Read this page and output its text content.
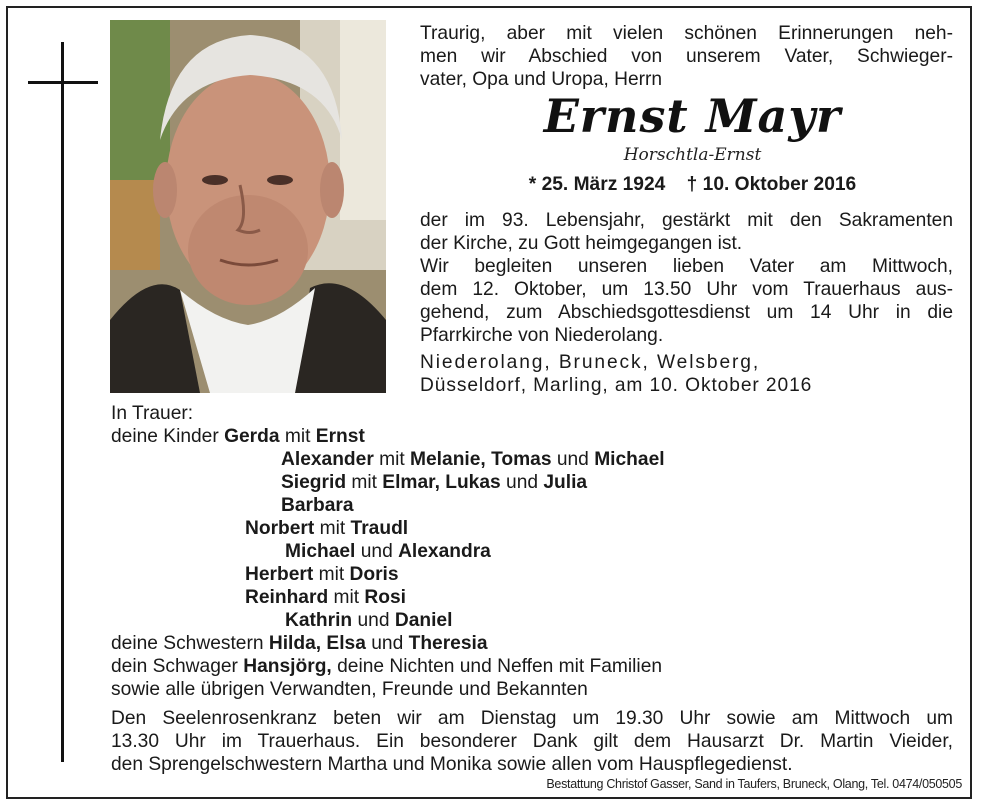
Traurig, aber mit vielen schönen Erinnerungen neh-
men wir Abschied von unserem Vater, Schwieger-
vater, Opa und Uropa, Herrn
Ernst Mayr
Horschtla-Ernst
* 25. März 1924 † 10. Oktober 2016
der im 93. Lebensjahr, gestärkt mit den Sakramenten
der Kirche, zu Gott heimgegangen ist.
Wir begleiten unseren lieben Vater am Mittwoch,
dem 12. Oktober, um 13.50 Uhr vom Trauerhaus aus-
gehend, zum Abschiedsgottesdienst um 14 Uhr in die
Pfarrkirche von Niederolang.
Niederolang, Bruneck, Welsberg,
Düsseldorf, Marling, am 10. Oktober 2016
In Trauer:
deine Kinder Gerda mit Ernst
Alexander mit Melanie, Tomas und Michael
Siegrid mit Elmar, Lukas und Julia
Barbara
Norbert mit Traudl
Michael und Alexandra
Herbert mit Doris
Reinhard mit Rosi
Kathrin und Daniel
deine Schwestern Hilda, Elsa und Theresia
dein Schwager Hansjörg, deine Nichten und Neffen mit Familien
sowie alle übrigen Verwandten, Freunde und Bekannten
Den Seelenrosenkranz beten wir am Dienstag um 19.30 Uhr sowie am Mittwoch um
13.30 Uhr im Trauerhaus. Ein besonderer Dank gilt dem Hausarzt Dr. Martin Vieider,
den Sprengelschwestern Martha und Monika sowie allen vom Hauspflegedienst.
Bestattung Christof Gasser, Sand in Taufers, Bruneck, Olang, Tel. 0474/050505
